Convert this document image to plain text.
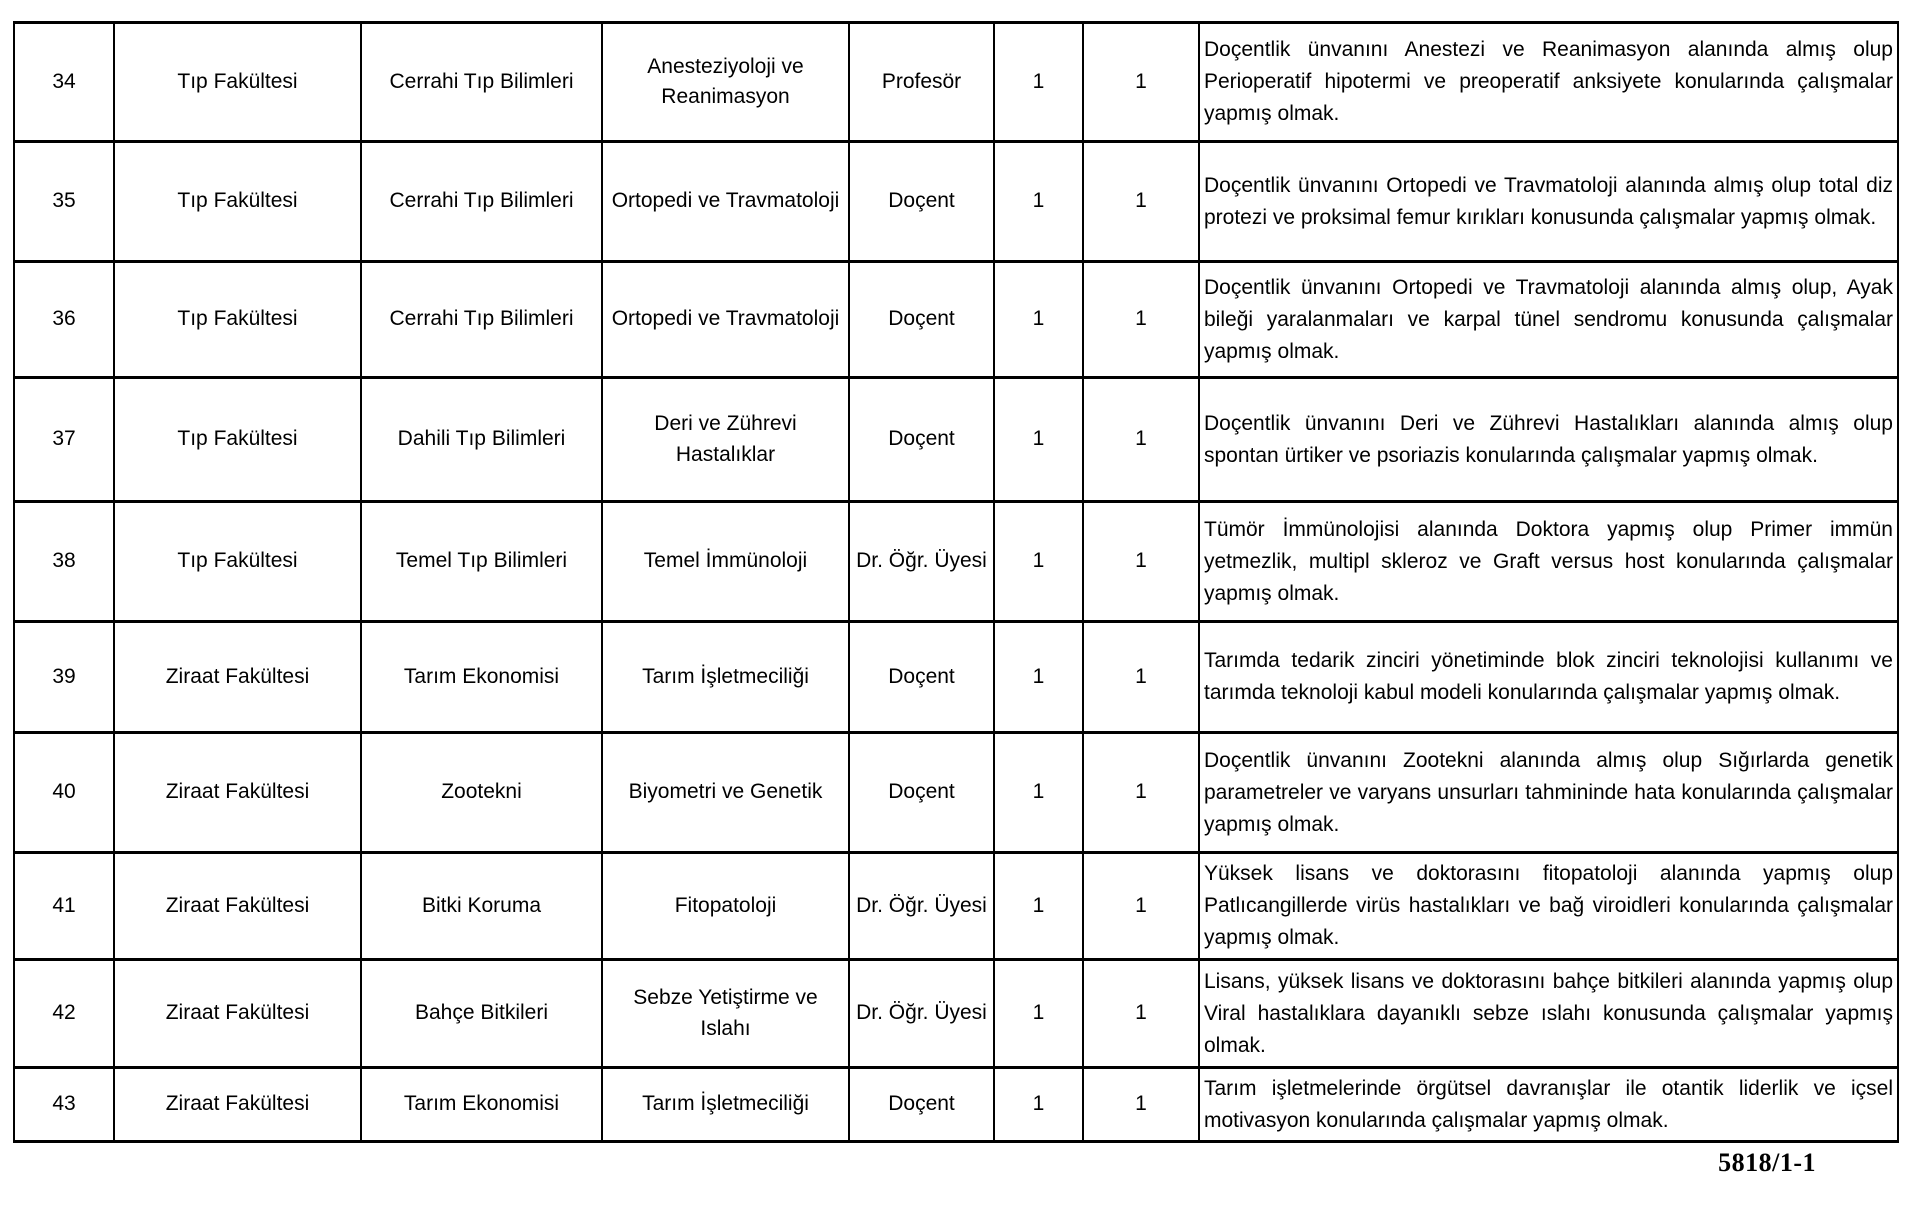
34	Tıp Fakültesi	Cerrahi Tıp Bilimleri	Anesteziyoloji ve Reanimasyon	Profesör	1	1	Doçentlik ünvanını Anestezi ve Reanimasyon alanında almış olup Perioperatif hipotermi ve preoperatif anksiyete konularında çalışmalar yapmış olmak.
35	Tıp Fakültesi	Cerrahi Tıp Bilimleri	Ortopedi ve Travmatoloji	Doçent	1	1	Doçentlik ünvanını Ortopedi ve Travmatoloji alanında almış olup total diz protezi ve proksimal femur kırıkları konusunda çalışmalar yapmış olmak.
36	Tıp Fakültesi	Cerrahi Tıp Bilimleri	Ortopedi ve Travmatoloji	Doçent	1	1	Doçentlik ünvanını Ortopedi ve Travmatoloji alanında almış olup, Ayak bileği yaralanmaları ve karpal tünel sendromu konusunda çalışmalar yapmış olmak.
37	Tıp Fakültesi	Dahili Tıp Bilimleri	Deri ve Zührevi Hastalıklar	Doçent	1	1	Doçentlik ünvanını Deri ve Zührevi Hastalıkları alanında almış olup spontan ürtiker ve psoriazis konularında çalışmalar yapmış olmak.
38	Tıp Fakültesi	Temel Tıp Bilimleri	Temel İmmünoloji	Dr. Öğr. Üyesi	1	1	Tümör İmmünolojisi alanında Doktora yapmış olup Primer immün yetmezlik, multipl skleroz ve Graft versus host konularında çalışmalar yapmış olmak.
39	Ziraat Fakültesi	Tarım Ekonomisi	Tarım İşletmeciliği	Doçent	1	1	Tarımda tedarik zinciri yönetiminde blok zinciri teknolojisi kullanımı ve tarımda teknoloji kabul modeli konularında çalışmalar yapmış olmak.
40	Ziraat Fakültesi	Zootekni	Biyometri ve Genetik	Doçent	1	1	Doçentlik ünvanını Zootekni alanında almış olup Sığırlarda genetik parametreler ve varyans unsurları tahmininde hata konularında çalışmalar yapmış olmak.
41	Ziraat Fakültesi	Bitki Koruma	Fitopatoloji	Dr. Öğr. Üyesi	1	1	Yüksek lisans ve doktorasını fitopatoloji alanında yapmış olup Patlıcangillerde virüs hastalıkları ve bağ viroidleri konularında çalışmalar yapmış olmak.
42	Ziraat Fakültesi	Bahçe Bitkileri	Sebze Yetiştirme ve Islahı	Dr. Öğr. Üyesi	1	1	Lisans, yüksek lisans ve doktorasını bahçe bitkileri alanında yapmış olup Viral hastalıklara dayanıklı sebze ıslahı konusunda çalışmalar yapmış olmak.
43	Ziraat Fakültesi	Tarım Ekonomisi	Tarım İşletmeciliği	Doçent	1	1	Tarım işletmelerinde örgütsel davranışlar ile otantik liderlik ve içsel motivasyon konularında çalışmalar yapmış olmak.
5818/1-1
